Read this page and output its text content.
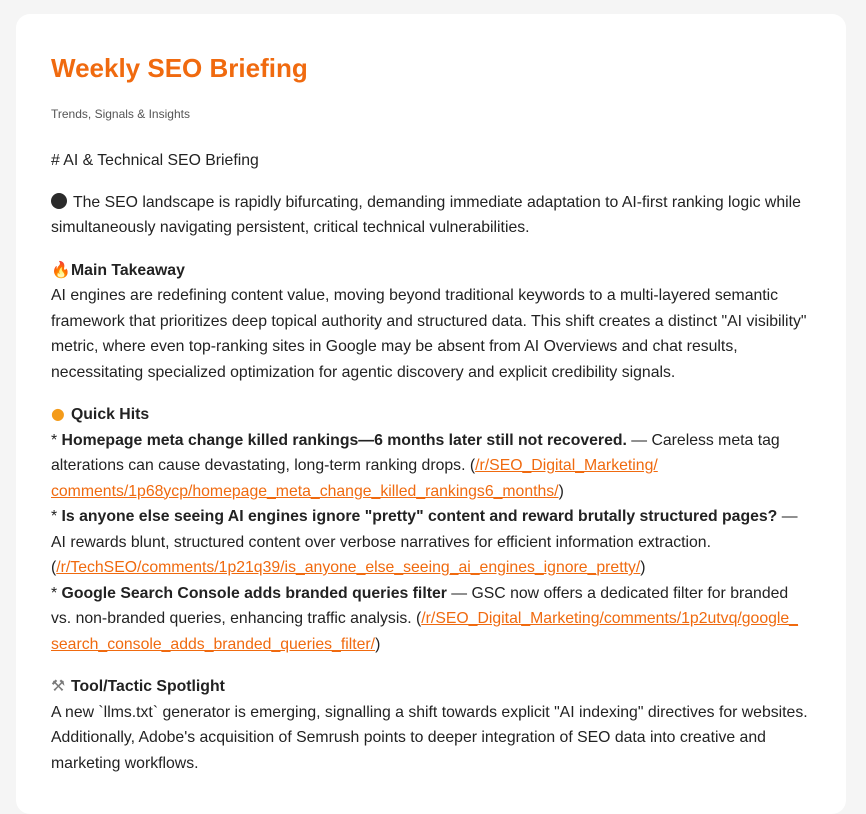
Weekly SEO Briefing
Trends, Signals & Insights

# AI & Technical SEO Briefing

The SEO landscape is rapidly bifurcating, demanding immediate adaptation to AI-first ranking logic while simultaneously navigating persistent, critical technical vulnerabilities.

🔥Main Takeaway
AI engines are redefining content value, moving beyond traditional keywords to a multi-layered semantic framework that prioritizes deep topical authority and structured data. This shift creates a distinct "AI visibility" metric, where even top-ranking sites in Google may be absent from AI Overviews and chat results, necessitating specialized optimization for agentic discovery and explicit credibility signals.
● Quick Hits
* Homepage meta change killed rankings—6 months later still not recovered. — Careless meta tag alterations can cause devastating, long-term ranking drops. (/r/SEO_Digital_Marketing/​comments/1p68ycp/homepage_meta_change_killed_rankings6_months/)
* Is anyone else seeing AI engines ignore "pretty" content and reward brutally structured pages? — AI rewards blunt, structured content over verbose narratives for efficient information extraction. (/r/TechSEO/comments/1p21q39/is_anyone_else_seeing_ai_engines_ignore_pretty/)
* Google Search Console adds branded queries filter — GSC now offers a dedicated filter for branded vs. non-branded queries, enhancing traffic analysis. (/r/SEO_Digital_Marketing/comments/1p2utvq/google_​search_console_adds_branded_queries_filter/)
⚒ Tool/Tactic Spotlight
A new `llms.txt` generator is emerging, signalling a shift towards explicit "AI indexing" directives for websites. Additionally, Adobe's acquisition of Semrush points to deeper integration of SEO data into creative and marketing workflows.
